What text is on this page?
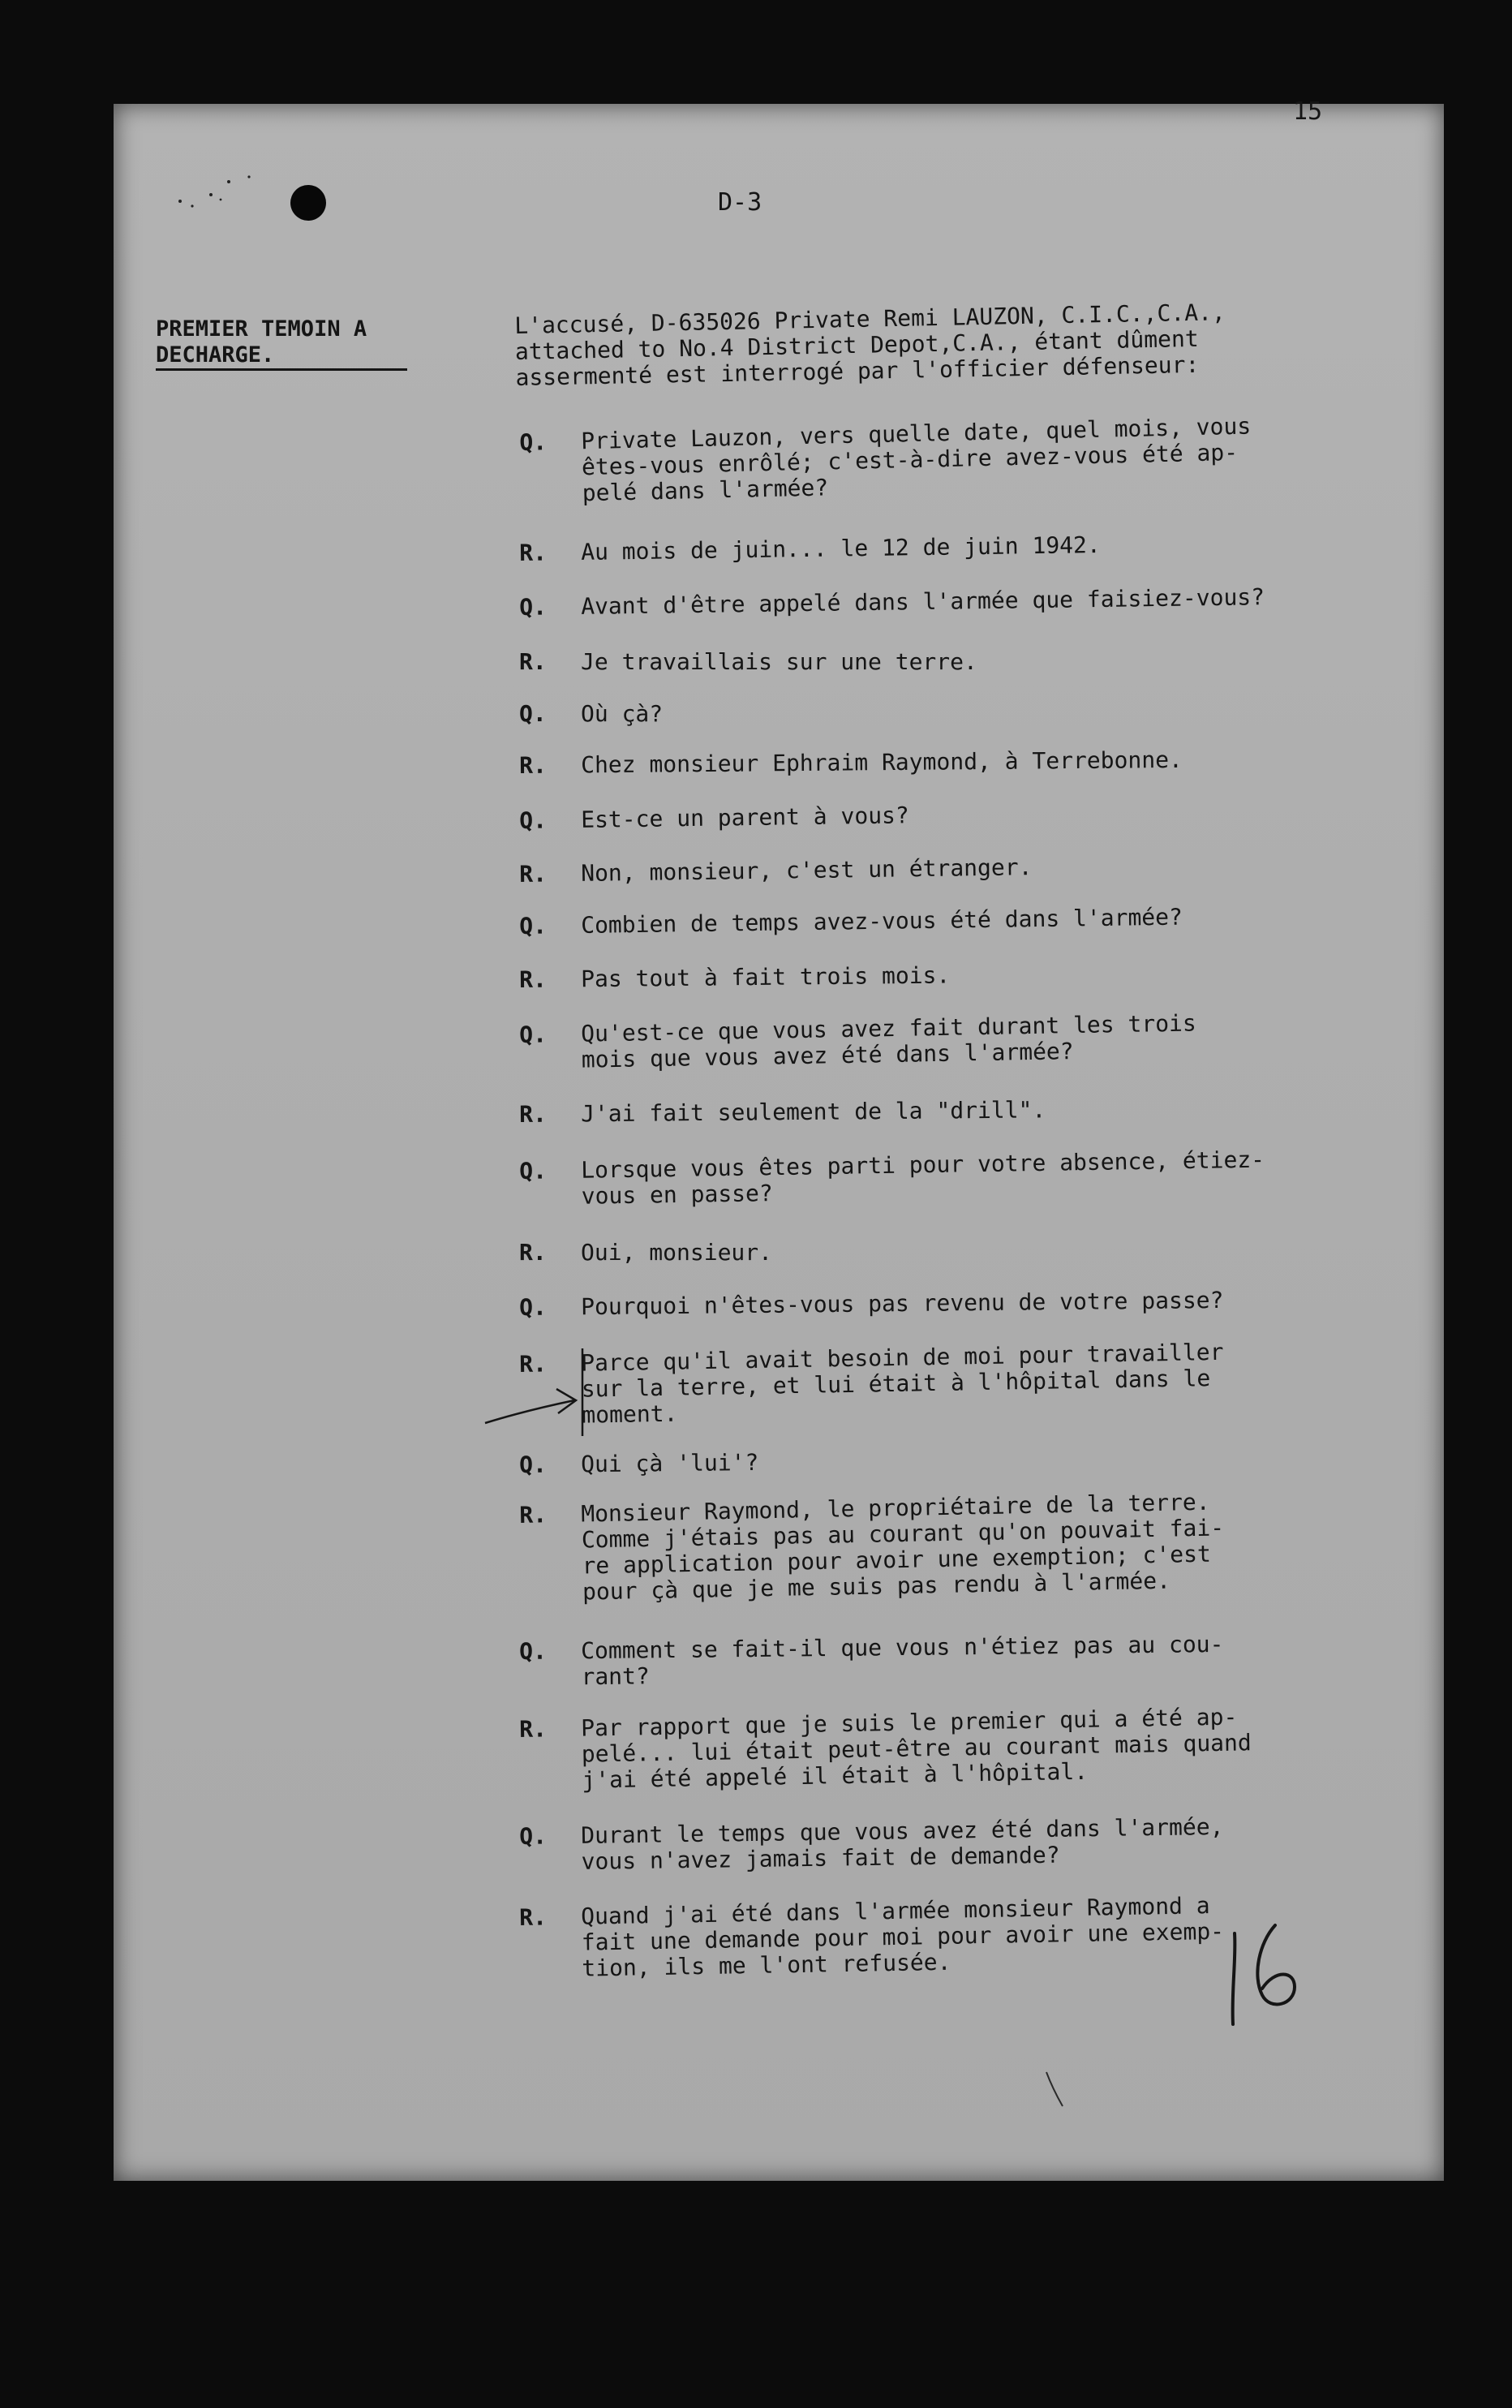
15
D-3
PREMIER TEMOIN A
DECHARGE.
L'accusé, D-635026 Private Remi LAUZON, C.I.C.,C.A.,
attached to No.4 District Depot,C.A., étant dûment
assermenté est interrogé par l'officier défenseur:
Q. Private Lauzon, vers quelle date, quel mois, vous
êtes-vous enrôlé; c'est-à-dire avez-vous été ap-
pelé dans l'armée?
R. Au mois de juin... le 12 de juin 1942.
Q. Avant d'être appelé dans l'armée que faisiez-vous?
R. Je travaillais sur une terre.
Q. Où çà?
R. Chez monsieur Ephraim Raymond, à Terrebonne.
Q. Est-ce un parent à vous?
R. Non, monsieur, c'est un étranger.
Q. Combien de temps avez-vous été dans l'armée?
R. Pas tout à fait trois mois.
Q. Qu'est-ce que vous avez fait durant les trois
mois que vous avez été dans l'armée?
R. J'ai fait seulement de la "drill".
Q. Lorsque vous êtes parti pour votre absence, étiez-
vous en passe?
R. Oui, monsieur.
Q. Pourquoi n'êtes-vous pas revenu de votre passe?
R. Parce qu'il avait besoin de moi pour travailler
sur la terre, et lui était à l'hôpital dans le
moment.
Q. Qui çà 'lui'?
R. Monsieur Raymond, le propriétaire de la terre.
Comme j'étais pas au courant qu'on pouvait fai-
re application pour avoir une exemption; c'est
pour çà que je me suis pas rendu à l'armée.
Q. Comment se fait-il que vous n'étiez pas au cou-
rant?
R. Par rapport que je suis le premier qui a été ap-
pelé... lui était peut-être au courant mais quand
j'ai été appelé il était à l'hôpital.
Q. Durant le temps que vous avez été dans l'armée,
vous n'avez jamais fait de demande?
R. Quand j'ai été dans l'armée monsieur Raymond a
fait une demande pour moi pour avoir une exemp-
tion, ils me l'ont refusée.
